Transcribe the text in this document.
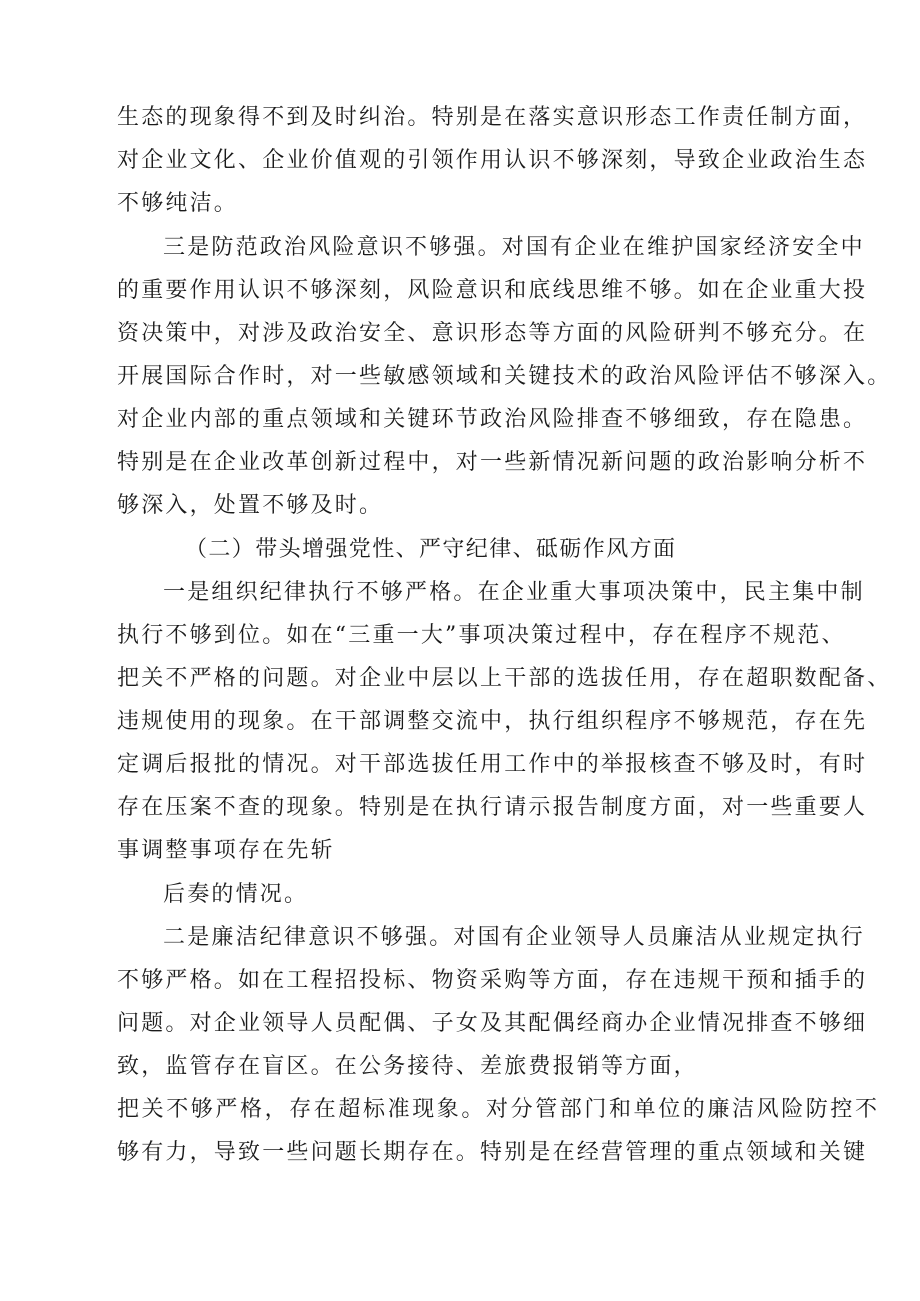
生态的现象得不到及时纠治。特别是在落实意识形态工作责任制方面，
对企业文化、企业价值观的引领作用认识不够深刻，导致企业政治生态
不够纯洁。
三是防范政治风险意识不够强。对国有企业在维护国家经济安全中
的重要作用认识不够深刻，风险意识和底线思维不够。如在企业重大投
资决策中，对涉及政治安全、意识形态等方面的风险研判不够充分。在
开展国际合作时，对一些敏感领域和关键技术的政治风险评估不够深入。
对企业内部的重点领域和关键环节政治风险排查不够细致，存在隐患。
特别是在企业改革创新过程中，对一些新情况新问题的政治影响分析不
够深入，处置不够及时。
（二）带头增强党性、严守纪律、砥砺作风方面
一是组织纪律执行不够严格。在企业重大事项决策中，民主集中制
执行不够到位。如在“三重一大”事项决策过程中，存在程序不规范、
把关不严格的问题。对企业中层以上干部的选拔任用，存在超职数配备、
违规使用的现象。在干部调整交流中，执行组织程序不够规范，存在先
定调后报批的情况。对干部选拔任用工作中的举报核查不够及时，有时
存在压案不查的现象。特别是在执行请示报告制度方面，对一些重要人
事调整事项存在先斩
后奏的情况。
二是廉洁纪律意识不够强。对国有企业领导人员廉洁从业规定执行
不够严格。如在工程招投标、物资采购等方面，存在违规干预和插手的
问题。对企业领导人员配偶、子女及其配偶经商办企业情况排查不够细
致，监管存在盲区。在公务接待、差旅费报销等方面，
把关不够严格，存在超标准现象。对分管部门和单位的廉洁风险防控不
够有力，导致一些问题长期存在。特别是在经营管理的重点领域和关键
